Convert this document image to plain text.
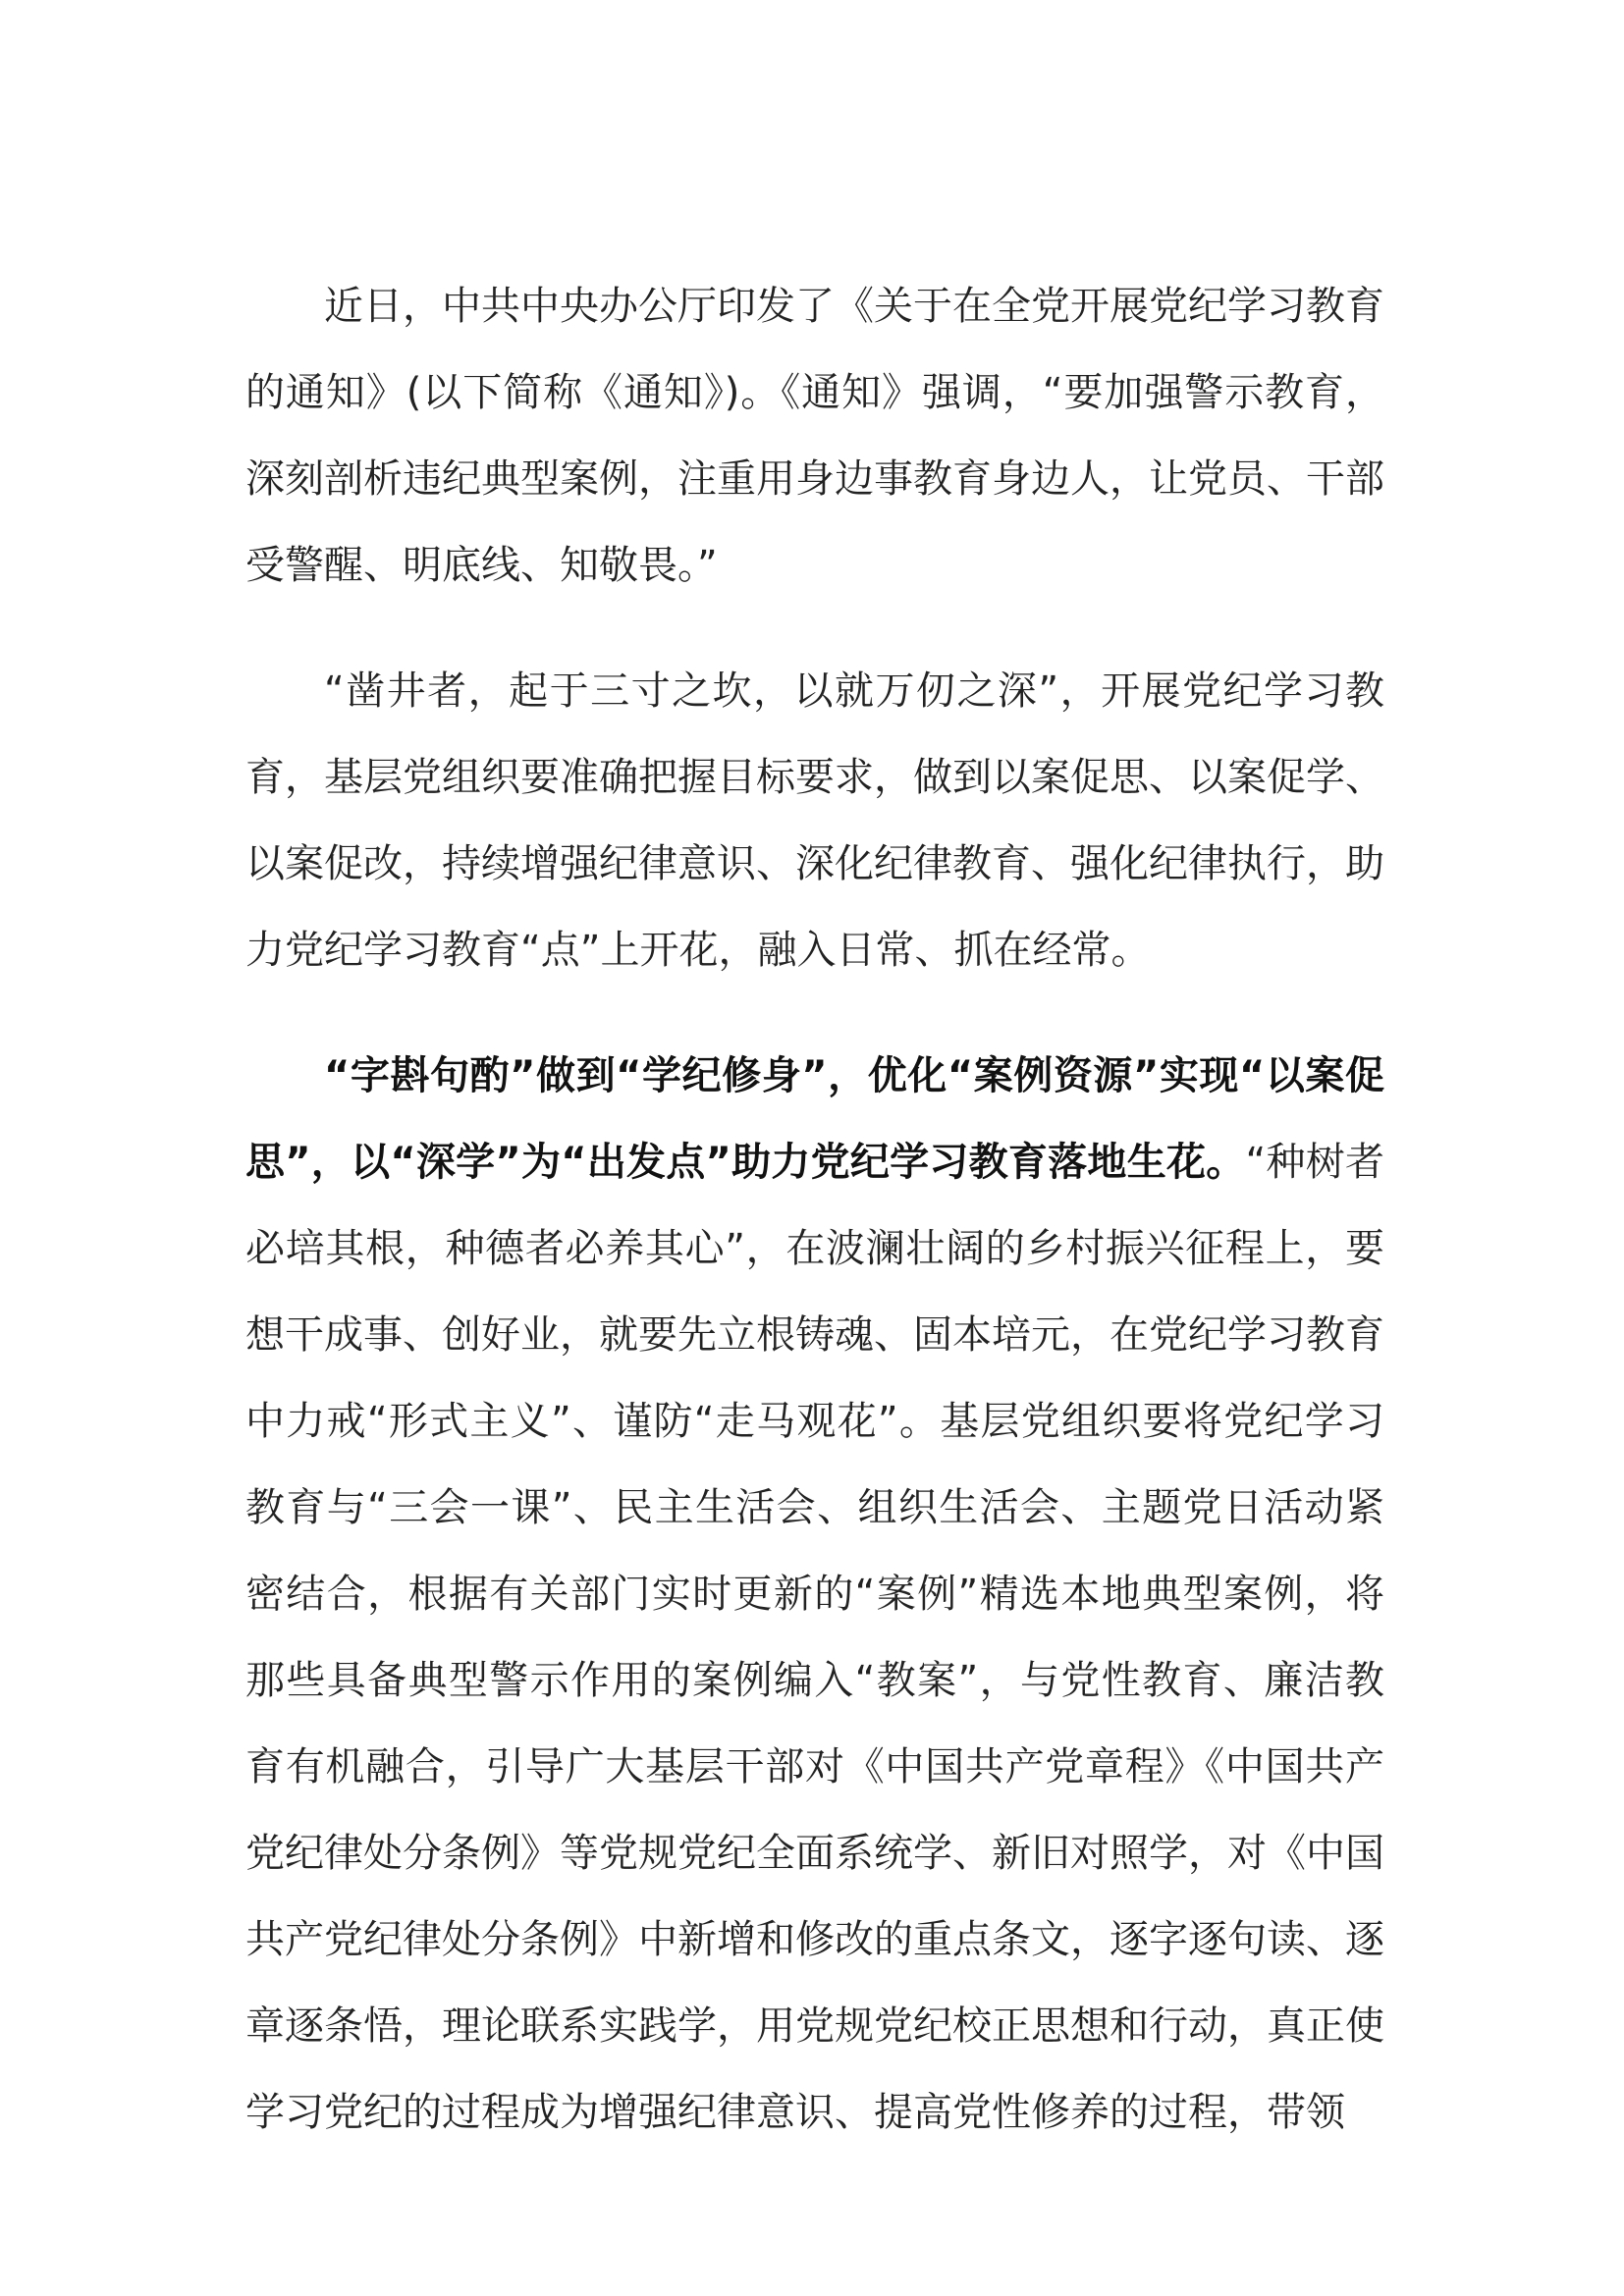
近日，中共中央办公厅印发了《关于在全党开展党纪学习教育的通知》(以下简称《通知》)。《通知》强调，“要加强警示教育，深刻剖析违纪典型案例，注重用身边事教育身边人，让党员、干部受警醒、明底线、知敬畏。”

“凿井者，起于三寸之坎，以就万仞之深”，开展党纪学习教育，基层党组织要准确把握目标要求，做到以案促思、以案促学、以案促改，持续增强纪律意识、深化纪律教育、强化纪律执行，助力党纪学习教育“点”上开花，融入日常、抓在经常。

“字斟句酌”做到“学纪修身”，优化“案例资源”实现“以案促思”，以“深学”为“出发点”助力党纪学习教育落地生花。“种树者必培其根，种德者必养其心”，在波澜壮阔的乡村振兴征程上，要想干成事、创好业，就要先立根铸魂、固本培元，在党纪学习教育中力戒“形式主义”、谨防“走马观花”。基层党组织要将党纪学习教育与“三会一课”、民主生活会、组织生活会、主题党日活动紧密结合，根据有关部门实时更新的“案例”精选本地典型案例，将那些具备典型警示作用的案例编入“教案”，与党性教育、廉洁教育有机融合，引导广大基层干部对《中国共产党章程》《中国共产党纪律处分条例》等党规党纪全面系统学、新旧对照学，对《中国共产党纪律处分条例》中新增和修改的重点条文，逐字逐句读、逐章逐条悟，理论联系实践学，用党规党纪校正思想和行动，真正使学习党纪的过程成为增强纪律意识、提高党性修养的过程，带领
